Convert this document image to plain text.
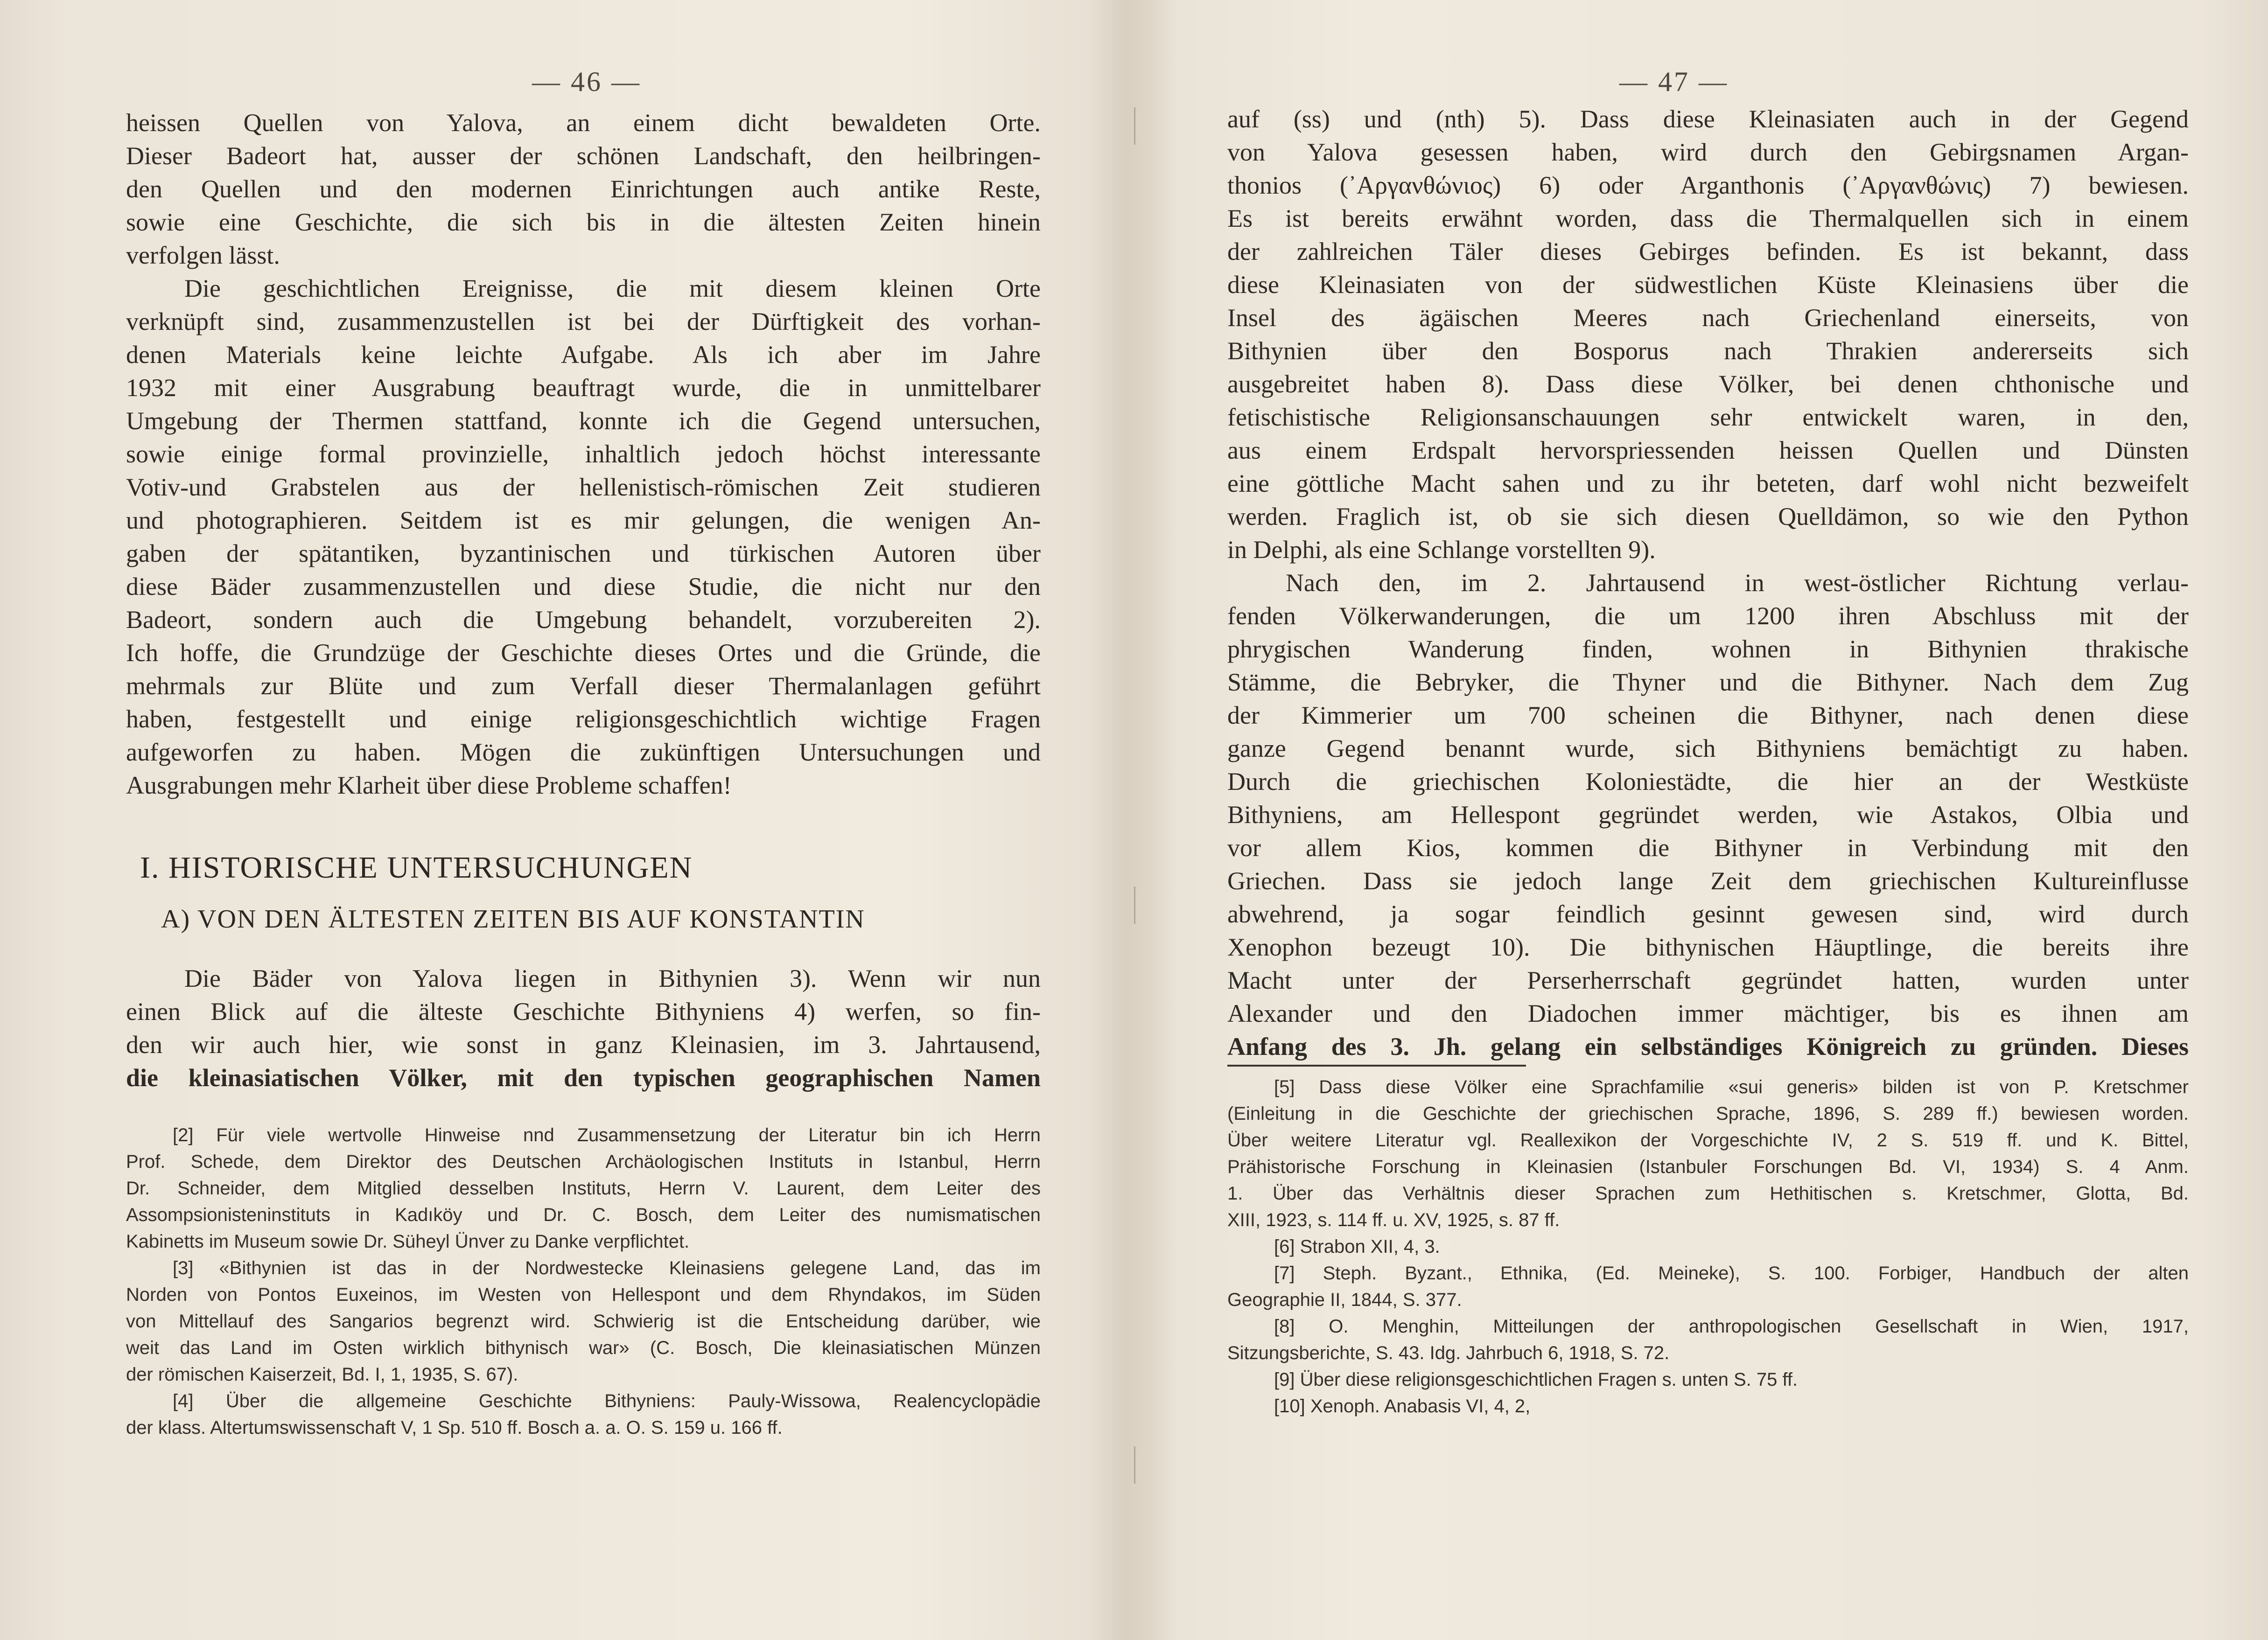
— 46 —
heissen Quellen von Yalova, an einem dicht bewaldeten Orte.
Dieser Badeort hat, ausser der schönen Landschaft, den heilbringen-
den Quellen und den modernen Einrichtungen auch antike Reste,
sowie eine Geschichte, die sich bis in die ältesten Zeiten hinein
verfolgen lässt.
Die geschichtlichen Ereignisse, die mit diesem kleinen Orte
verknüpft sind, zusammenzustellen ist bei der Dürftigkeit des vorhan-
denen Materials keine leichte Aufgabe. Als ich aber im Jahre
1932 mit einer Ausgrabung beauftragt wurde, die in unmittelbarer
Umgebung der Thermen stattfand, konnte ich die Gegend untersuchen,
sowie einige formal provinzielle, inhaltlich jedoch höchst interessante
Votiv-und Grabstelen aus der hellenistisch-römischen Zeit studieren
und photographieren. Seitdem ist es mir gelungen, die wenigen An-
gaben der spätantiken, byzantinischen und türkischen Autoren über
diese Bäder zusammenzustellen und diese Studie, die nicht nur den
Badeort, sondern auch die Umgebung behandelt, vorzubereiten 2).
Ich hoffe, die Grundzüge der Geschichte dieses Ortes und die Gründe, die
mehrmals zur Blüte und zum Verfall dieser Thermalanlagen geführt
haben, festgestellt und einige religionsgeschichtlich wichtige Fragen
aufgeworfen zu haben. Mögen die zukünftigen Untersuchungen und
Ausgrabungen mehr Klarheit über diese Probleme schaffen!
I. HISTORISCHE UNTERSUCHUNGEN
A) VON DEN ÄLTESTEN ZEITEN BIS AUF KONSTANTIN
Die Bäder von Yalova liegen in Bithynien 3). Wenn wir nun
einen Blick auf die älteste Geschichte Bithyniens 4) werfen, so fin-
den wir auch hier, wie sonst in ganz Kleinasien, im 3. Jahrtausend,
die kleinasiatischen Völker, mit den typischen geographischen Namen
[2] Für viele wertvolle Hinweise nnd Zusammensetzung der Literatur bin ich Herrn
Prof. Schede, dem Direktor des Deutschen Archäologischen Instituts in Istanbul, Herrn
Dr. Schneider, dem Mitglied desselben Instituts, Herrn V. Laurent, dem Leiter des
Assompsionisteninstituts in Kadıköy und Dr. C. Bosch, dem Leiter des numismatischen
Kabinetts im Museum sowie Dr. Süheyl Ünver zu Danke verpflichtet.
[3] «Bithynien ist das in der Nordwestecke Kleinasiens gelegene Land, das im
Norden von Pontos Euxeinos, im Westen von Hellespont und dem Rhyndakos, im Süden
von Mittellauf des Sangarios begrenzt wird. Schwierig ist die Entscheidung darüber, wie
weit das Land im Osten wirklich bithynisch war» (C. Bosch, Die kleinasiatischen Münzen
der römischen Kaiserzeit, Bd. I, 1, 1935, S. 67).
[4] Über die allgemeine Geschichte Bithyniens: Pauly-Wissowa, Realencyclopädie
der klass. Altertumswissenschaft V, 1 Sp. 510 ff. Bosch a. a. O. S. 159 u. 166 ff.
— 47 —
auf (ss) und (nth) 5). Dass diese Kleinasiaten auch in der Gegend
von Yalova gesessen haben, wird durch den Gebirgsnamen Argan-
thonios (᾽Αργανθώνιος) 6) oder Arganthonis (᾽Αργανθώνις) 7) bewiesen.
Es ist bereits erwähnt worden, dass die Thermalquellen sich in einem
der zahlreichen Täler dieses Gebirges befinden. Es ist bekannt, dass
diese Kleinasiaten von der südwestlichen Küste Kleinasiens über die
Insel des ägäischen Meeres nach Griechenland einerseits, von
Bithynien über den Bosporus nach Thrakien andererseits sich
ausgebreitet haben 8). Dass diese Völker, bei denen chthonische und
fetischistische Religionsanschauungen sehr entwickelt waren, in den,
aus einem Erdspalt hervorspriessenden heissen Quellen und Dünsten
eine göttliche Macht sahen und zu ihr beteten, darf wohl nicht bezweifelt
werden. Fraglich ist, ob sie sich diesen Quelldämon, so wie den Python
in Delphi, als eine Schlange vorstellten 9).
Nach den, im 2. Jahrtausend in west-östlicher Richtung verlau-
fenden Völkerwanderungen, die um 1200 ihren Abschluss mit der
phrygischen Wanderung finden, wohnen in Bithynien thrakische
Stämme, die Bebryker, die Thyner und die Bithyner. Nach dem Zug
der Kimmerier um 700 scheinen die Bithyner, nach denen diese
ganze Gegend benannt wurde, sich Bithyniens bemächtigt zu haben.
Durch die griechischen Koloniestädte, die hier an der Westküste
Bithyniens, am Hellespont gegründet werden, wie Astakos, Olbia und
vor allem Kios, kommen die Bithyner in Verbindung mit den
Griechen. Dass sie jedoch lange Zeit dem griechischen Kultureinflusse
abwehrend, ja sogar feindlich gesinnt gewesen sind, wird durch
Xenophon bezeugt 10). Die bithynischen Häuptlinge, die bereits ihre
Macht unter der Perserherrschaft gegründet hatten, wurden unter
Alexander und den Diadochen immer mächtiger, bis es ihnen am
Anfang des 3. Jh. gelang ein selbständiges Königreich zu gründen. Dieses
[5] Dass diese Völker eine Sprachfamilie «sui generis» bilden ist von P. Kretschmer
(Einleitung in die Geschichte der griechischen Sprache, 1896, S. 289 ff.) bewiesen worden.
Über weitere Literatur vgl. Reallexikon der Vorgeschichte IV, 2 S. 519 ff. und K. Bittel,
Prähistorische Forschung in Kleinasien (Istanbuler Forschungen Bd. VI, 1934) S. 4 Anm.
1. Über das Verhältnis dieser Sprachen zum Hethitischen s. Kretschmer, Glotta, Bd.
XIII, 1923, s. 114 ff. u. XV, 1925, s. 87 ff.
[6] Strabon XII, 4, 3.
[7] Steph. Byzant., Ethnika, (Ed. Meineke), S. 100. Forbiger, Handbuch der alten
Geographie II, 1844, S. 377.
[8] O. Menghin, Mitteilungen der anthropologischen Gesellschaft in Wien, 1917,
Sitzungsberichte, S. 43. Idg. Jahrbuch 6, 1918, S. 72.
[9] Über diese religionsgeschichtlichen Fragen s. unten S. 75 ff.
[10] Xenoph. Anabasis VI, 4, 2,
